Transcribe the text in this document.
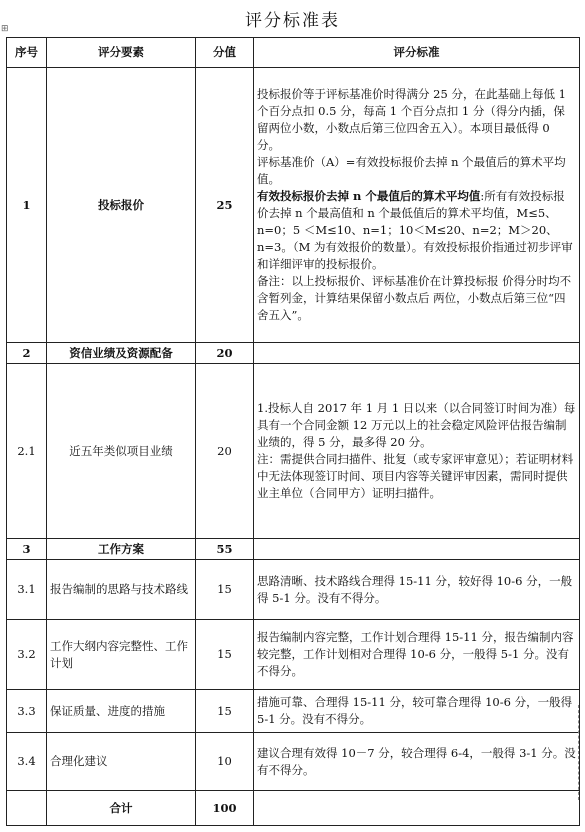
评分标准表
⊞
序号	评分要素	分值	评分标准
1	投标报价	25	投标报价等于评标基准价时得满分 25 分，在此基础上每低 1 个百分点扣 0.5 分，每高 1 个百分点扣 1 分（得分内插，保留两位小数，小数点后第三位四舍五入）。本项目最低得 0 分。

评标基准价（A）=有效投标报价去掉 n 个最值后的算术平均值。

有效投标报价去掉 n 个最值后的算术平均值:所有有效投标报价去掉 n 个最高值和 n 个最低值后的算术平均值，M≤5、n=0；5 ＜M≤10、n=1；10＜M≤20、n=2；M＞20、n=3。（M 为有效报价的数量）。有效投标报价指通过初步评审和详细评审的投标报价。

备注：以上投标报价、评标基准价在计算投标报 价得分时均不含暂列金，计算结果保留小数点后 两位，小数点后第三位“四舍五入”。

2	资信业绩及资源配备	20	
2.1	近五年类似项目业绩	20	1.投标人自 2017 年 1 月 1 日以来（以合同签订时间为准）每具有一个合同金额 12 万元以上的社会稳定风险评估报告编制业绩的，得 5 分，最多得 20 分。

注：需提供合同扫描件、批复（或专家评审意见）；若证明材料中无法体现签订时间、项目内容等关键评审因素，需同时提供业主单位（合同甲方）证明扫描件。

3	工作方案	55	
3.1	报告编制的思路与技术路线	15	思路清晰、技术路线合理得 15-11 分，较好得 10-6 分，一般得 5-1 分。没有不得分。

3.2	工作大纲内容完整性、工作计划	15	报告编制内容完整，工作计划合理得 15-11 分，报告编制内容较完整，工作计划相对合理得 10-6 分，一般得 5-1 分。没有不得分。

3.3	保证质量、进度的措施	15	措施可靠、合理得 15-11 分，较可靠合理得 10-6 分，一般得 5-1 分。没有不得分。

3.4	合理化建议	10	建议合理有效得 10－7 分，较合理得 6-4，一般得 3-1 分。没有不得分。

	合计	100	
